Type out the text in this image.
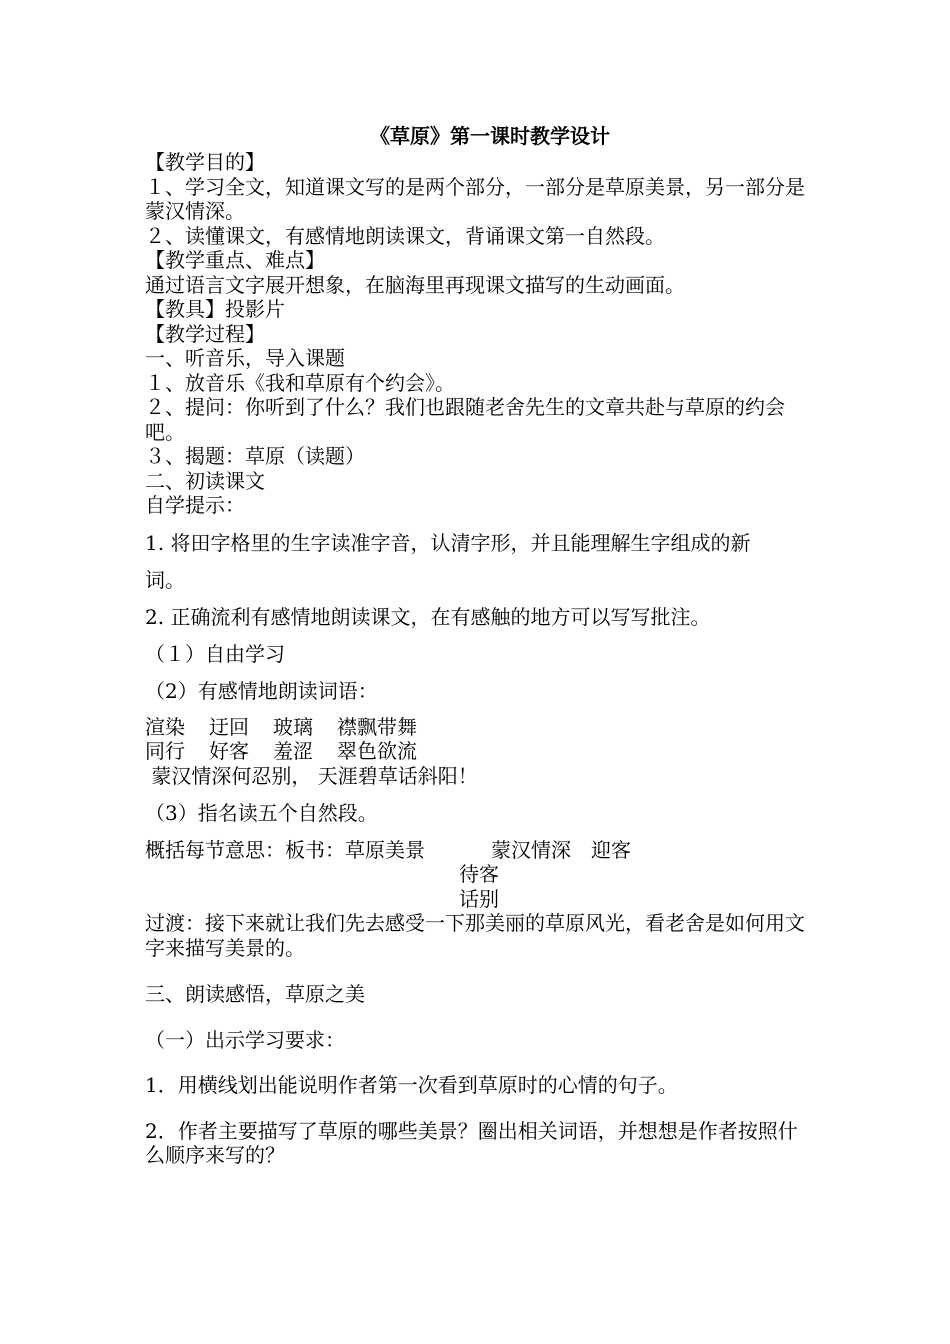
《草原》第一课时教学设计

【教学目的】

１、学习全文，知道课文写的是两个部分，一部分是草原美景，另一部分是蒙汉情深。

２、读懂课文，有感情地朗读课文，背诵课文第一自然段。

【教学重点、难点】

通过语言文字展开想象，在脑海里再现课文描写的生动画面。

【教具】投影片

【教学过程】

一、听音乐，导入课题

１、放音乐《我和草原有个约会》。

２、提问：你听到了什么？我们也跟随老舍先生的文章共赴与草原的约会吧。

３、揭题：草原（读题）

二、初读课文

自学提示：

1. 将田字格里的生字读准字音，认清字形，并且能理解生字组成的新

词。

2. 正确流利有感情地朗读课文，在有感触的地方可以写写批注。

（１）自由学习

（2）有感情地朗读词语：

渲染 迂回 玻璃 襟飘带舞

同行 好客 羞涩 翠色欲流

蒙汉情深何忍别， 天涯碧草话斜阳！

（3）指名读五个自然段。

概括每节意思：板书：草原美景	蒙汉情深　迎客

待客

话别

过渡：接下来就让我们先去感受一下那美丽的草原风光，看老舍是如何用文字来描写美景的。

三、朗读感悟，草原之美

（一）出示学习要求：

1．用横线划出能说明作者第一次看到草原时的心情的句子。

2．作者主要描写了草原的哪些美景？圈出相关词语，并想想是作者按照什么顺序来写的？
